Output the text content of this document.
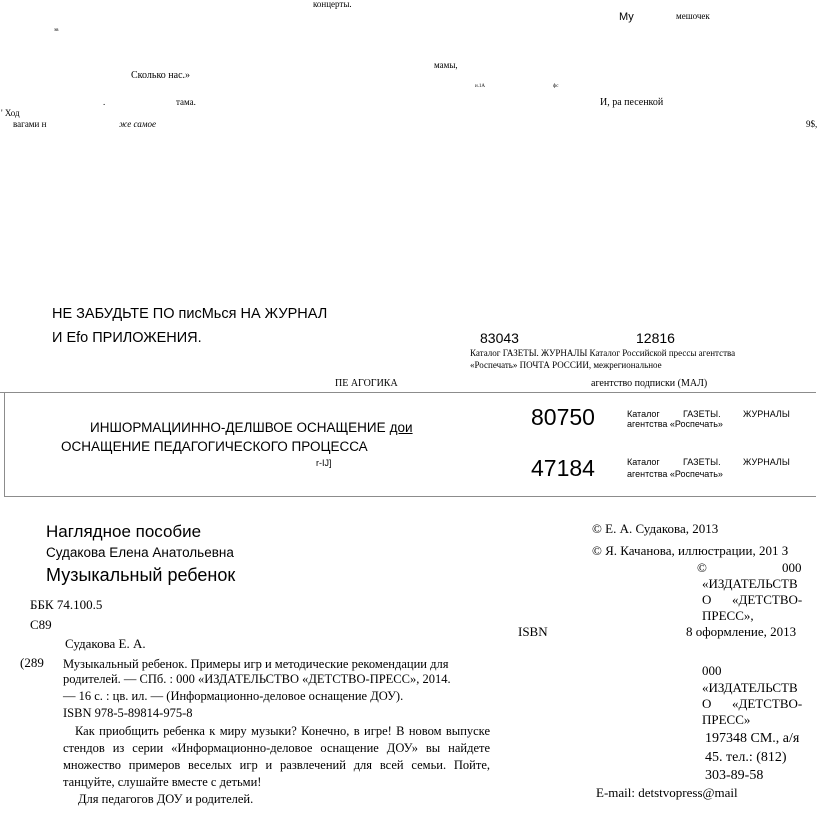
концерты.
Му	мешочек
эв
мамы,
Сколько нас.»
и.1А	фс
.	тама.	И, ра песенкой
' Ход
вагами н	же самое	9$,
НЕ ЗАБУДЬТЕ ПО писМься НА ЖУРНАЛ
И Efo ПРИЛОЖЕНИЯ.	83043	12816
Каталог ГАЗЕТЫ. ЖУРНАЛЫ Каталог Российской прессы агентства
«Роспечать» ПОЧТА РОССИИ, межрегиональное
ПЕ АГОГИКА	агентство подписки (МАЛ)
ИНШОРМАЦИИННО-ДЕЛШВОЕ ОСНАЩЕНИЕ дои
ОСНАЩЕНИЕ ПЕДАГОГИЧЕСКОГО ПРОЦЕССА
r-IJ]
80750	Каталог	ГАЗЕТЫ. ЖУРНАЛЫ
агентства «Роспечать»
47184	Каталог	ГАЗЕТЫ. ЖУРНАЛЫ
агентства «Роспечать»
Наглядное пособие
Судакова Елена Анатольевна
Музыкальный ребенок
ББК 74.100.5
С89
Судакова Е. А.
(289 Музыкальный ребенок. Примеры игр и методические рекомендации для
родителей. — СПб. : 000 «ИЗДАТЕЛЬСТВО «ДЕТСТВО-ПРЕСС», 2014.
— 16 с. : цв. ил. — (Информационно-деловое оснащение ДОУ).
ISBN 978-5-89814-975-8
Как приобщить ребенка к миру музыки? Конечно, в игре! В новом выпуске стендов из серии «Информационно-деловое оснащение ДОУ» вы найдете множество примеров веселых игр и развлечений для всей семьи. Пойте, танцуйте, слушайте вместе с детьми!
Для педагогов ДОУ и родителей.
© Е. А. Судакова, 2013
© Я. Качанова, иллюстрации, 201 З
©	000
«ИЗДАТЕЛЬСТВ
О «ДЕТСТВО-
ПРЕСС»,
ISBN	8 оформление, 2013
000
«ИЗДАТЕЛЬСТВ
О «ДЕТСТВО-
ПРЕСС»
197348 СМ., а/я
45. тел.: (812)
303-89-58
E-mail: detstvopress@mail
